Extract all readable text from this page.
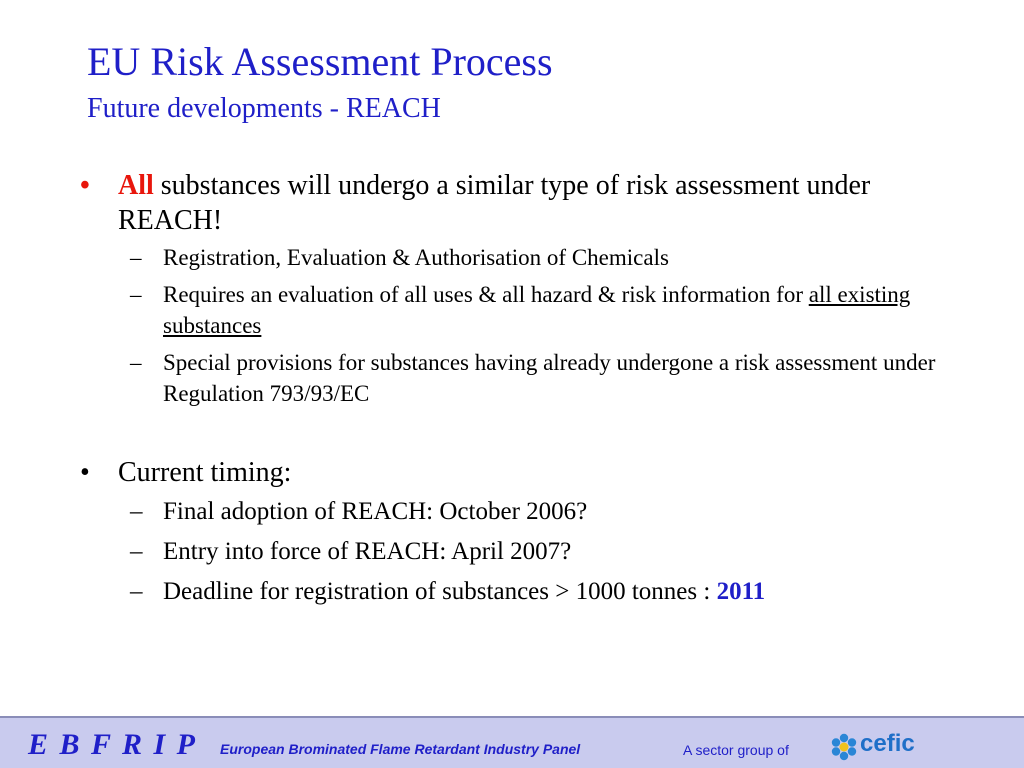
EU Risk Assessment Process
Future developments - REACH
• All substances will undergo a similar type of risk assessment under REACH!
– Registration, Evaluation & Authorisation of Chemicals
– Requires an evaluation of all uses & all hazard & risk information for all existing substances
– Special provisions for substances having already undergone a risk assessment under Regulation 793/93/EC
• Current timing:
– Final adoption of REACH: October 2006?
– Entry into force of REACH: April 2007?
– Deadline for registration of substances > 1000 tonnes : 2011
E B F R I P European Brominated Flame Retardant Industry Panel	A sector group of	cefic
